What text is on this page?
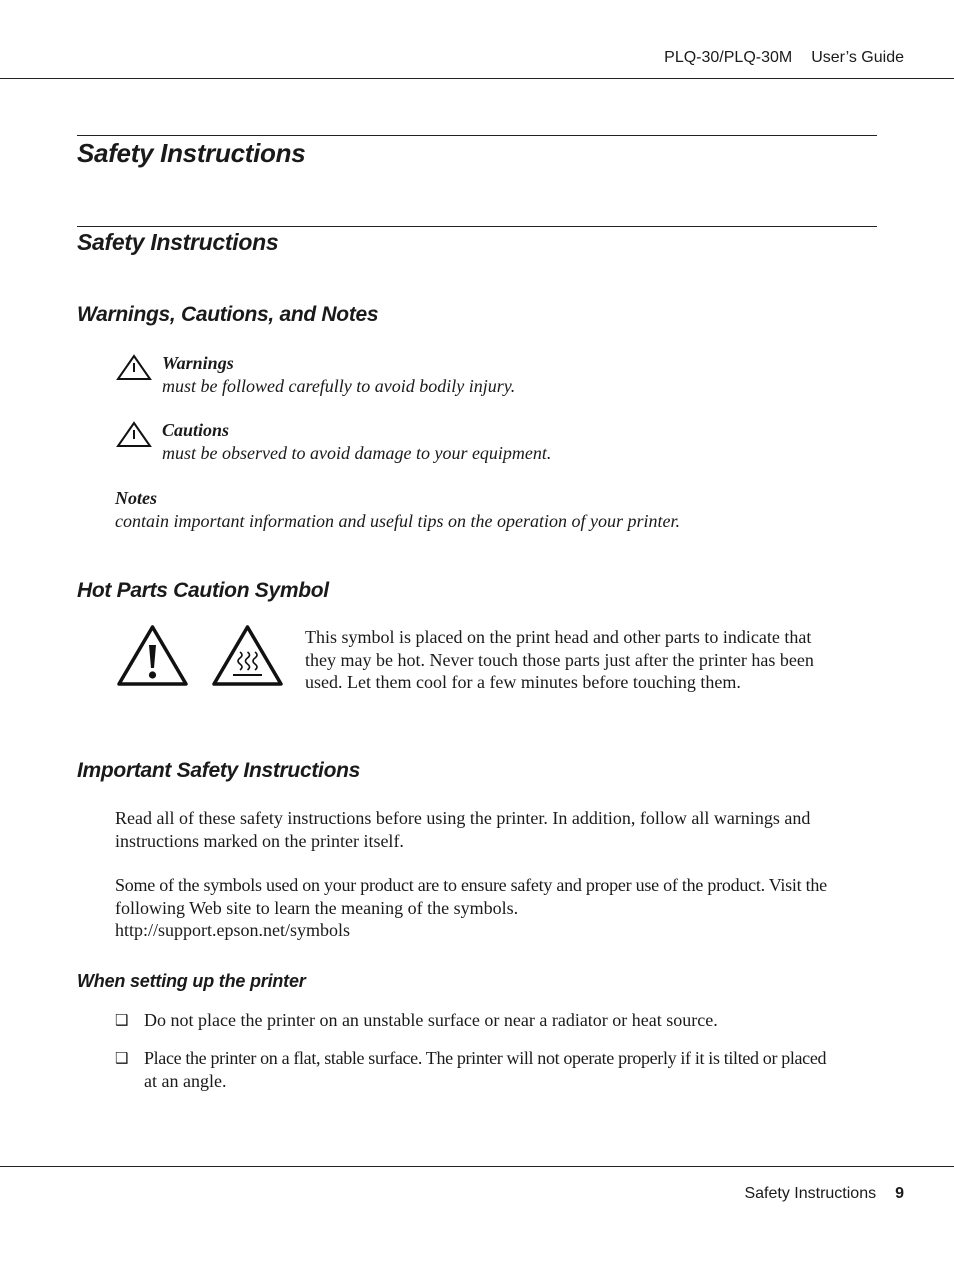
PLQ-30/PLQ-30M User’s Guide
Safety Instructions
Safety Instructions
Warnings, Cautions, and Notes
Warnings
must be followed carefully to avoid bodily injury.
Cautions
must be observed to avoid damage to your equipment.
Notes
contain important information and useful tips on the operation of your printer.
Hot Parts Caution Symbol
This symbol is placed on the print head and other parts to indicate that
they may be hot. Never touch those parts just after the printer has been
used. Let them cool for a few minutes before touching them.
Important Safety Instructions
Read all of these safety instructions before using the printer. In addition, follow all warnings and
instructions marked on the printer itself.
Some of the symbols used on your product are to ensure safety and proper use of the product. Visit the
following Web site to learn the meaning of the symbols.
http://support.epson.net/symbols
When setting up the printer
❑ Do not place the printer on an unstable surface or near a radiator or heat source.
❑ Place the printer on a flat, stable surface. The printer will not operate properly if it is tilted or placed
at an angle.
Safety Instructions 9
